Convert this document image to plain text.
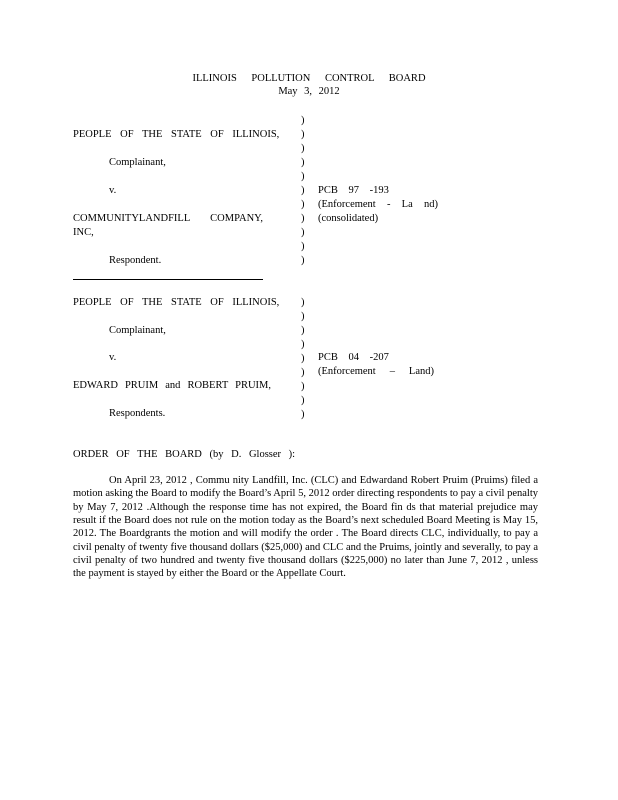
ILLINOIS POLLUTION CONTROL BOARD
May 3, 2012
PEOPLE OF THE STATE OF ILLINOIS,
Complainant,
v.
COMMUNITYLANDFILL COMPANY,
INC,
Respondent.
)
)
)
)
)
)
)
)
)
)
)
PCB 97 -193
(Enforcement - La nd)
(consolidated)
PEOPLE OF THE STATE OF ILLINOIS,
Complainant,
v.
EDWARD PRUIM and ROBERT PRUIM,
Respondents.
)
)
)
)
)
)
)
)
)
PCB 04 -207
(Enforcement – Land)
ORDER OF THE BOARD (by D. Glosser ):
On April 23, 2012 , Commu nity Landfill, Inc. (CLC) and Edwardand Robert Pruim (Pruims) filed a motion asking the Board to modify the Board’s April 5, 2012 order directing respondents to pay a civil penalty by May 7, 2012 .Although the response time has not expired, the Board fin ds that material prejudice may result if the Board does not rule on the motion today as the Board’s next scheduled Board Meeting is May 15, 2012. The Boardgrants the motion and will modify the order . The Board directs CLC, individually, to pay a civil penalty of twenty five thousand dollars ($25,000) and CLC and the Pruims, jointly and severally, to pay a civil penalty of two hundred and twenty five thousand dollars ($225,000) no later than June 7, 2012 , unless the payment is stayed by either the Board or the Appellate Court.
